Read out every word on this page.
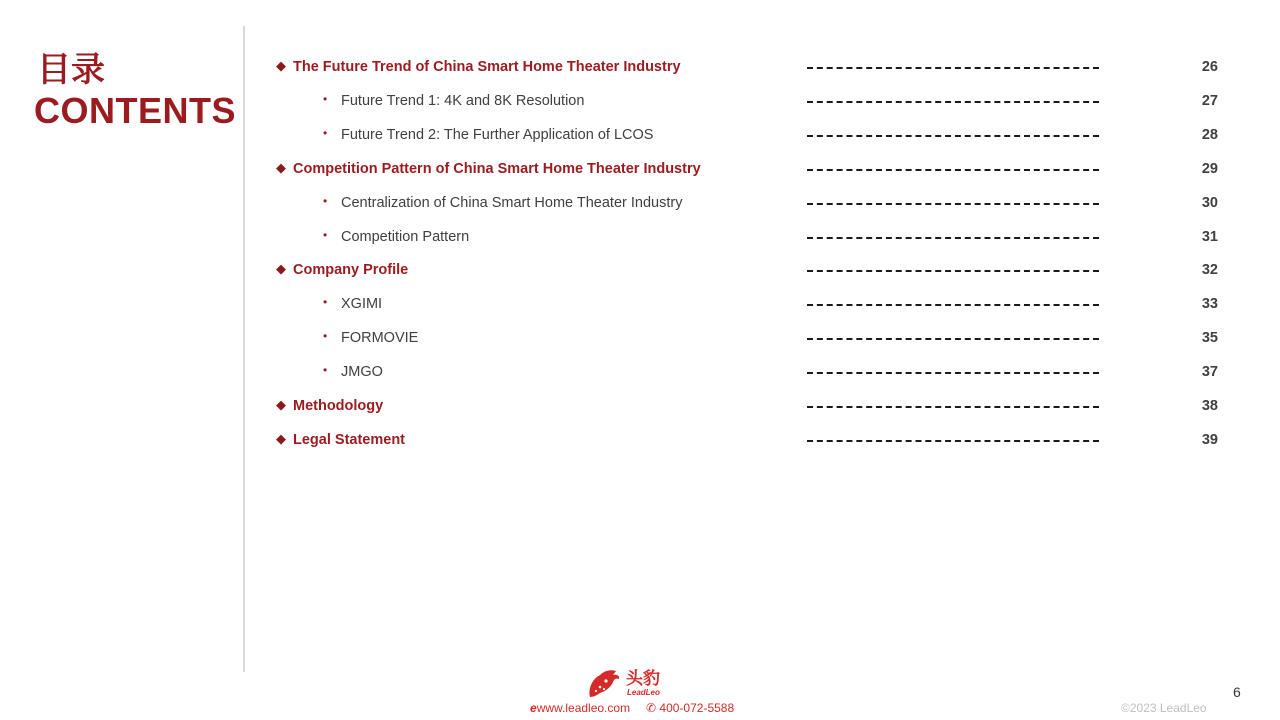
目录
CONTENTS
◆ The Future Trend of China Smart Home Theater Industry	26
• Future Trend 1: 4K and 8K Resolution	27
• Future Trend 2: The Further Application of LCOS	28
◆ Competition Pattern of China Smart Home Theater Industry	29
• Centralization of China Smart Home Theater Industry	30
• Competition Pattern	31
◆ Company Profile	32
• XGIMI	33
• FORMOVIE	35
• JMGO	37
◆ Methodology	38
◆ Legal Statement	39
头豹
LeadLeo
ewww.leadleo.com ✆ 400-072-5588	©2023 LeadLeo
6
